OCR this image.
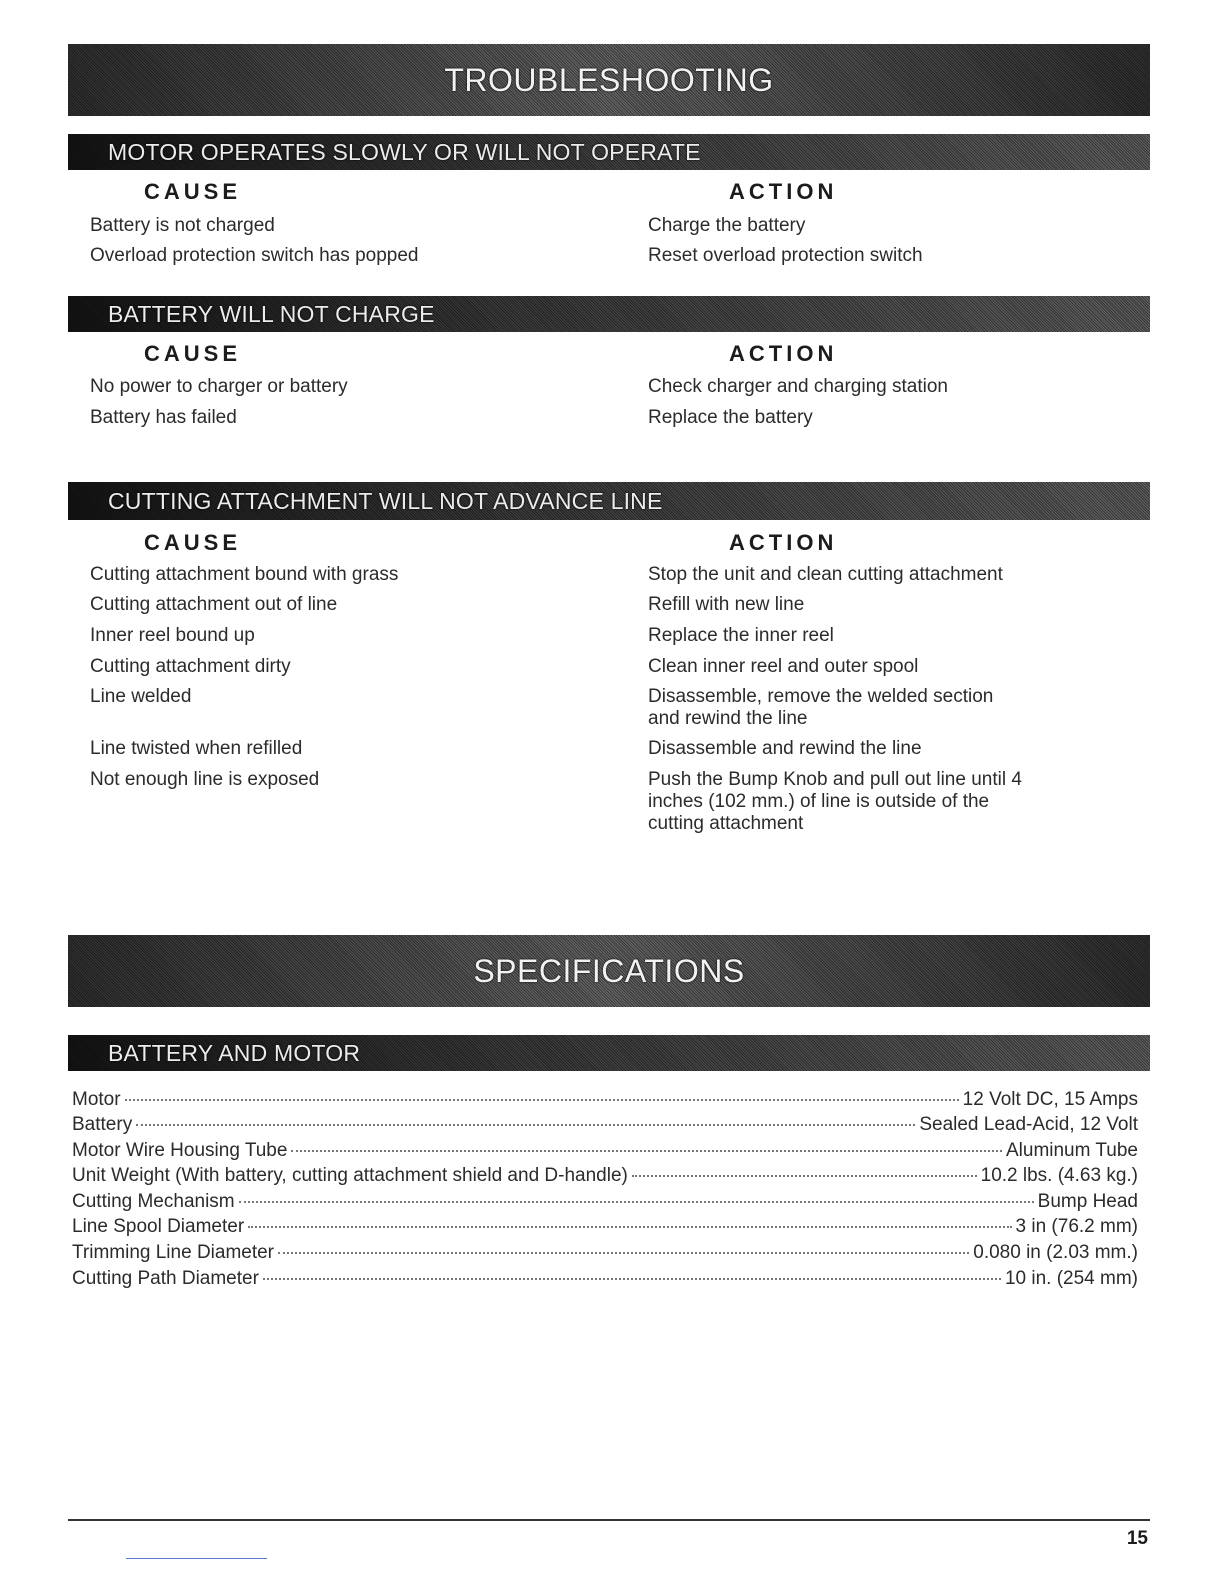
TROUBLESHOOTING
MOTOR OPERATES SLOWLY OR WILL NOT OPERATE
CAUSE	ACTION
Battery is not charged	Charge the battery
Overload protection switch has popped	Reset overload protection switch
BATTERY WILL NOT CHARGE
CAUSE	ACTION
No power to charger or battery	Check charger and charging station
Battery has failed	Replace the battery
CUTTING ATTACHMENT WILL NOT ADVANCE LINE
CAUSE	ACTION
Cutting attachment bound with grass	Stop the unit and clean cutting attachment
Cutting attachment out of line	Refill with new line
Inner reel bound up	Replace the inner reel
Cutting attachment dirty	Clean inner reel and outer spool
Line welded	Disassemble, remove the welded section and rewind the line
Line twisted when refilled	Disassemble and rewind the line
Not enough line is exposed	Push the Bump Knob and pull out line until 4 inches (102 mm.) of line is outside of the cutting attachment
SPECIFICATIONS
BATTERY AND MOTOR
Motor	12 Volt DC, 15 Amps
Battery	Sealed Lead-Acid, 12 Volt
Motor Wire Housing Tube	Aluminum Tube
Unit Weight (With battery, cutting attachment shield and D-handle)	10.2 lbs. (4.63 kg.)
Cutting Mechanism	Bump Head
Line Spool Diameter	3 in (76.2 mm)
Trimming Line Diameter	0.080 in (2.03 mm.)
Cutting Path Diameter	10 in. (254 mm)
15
